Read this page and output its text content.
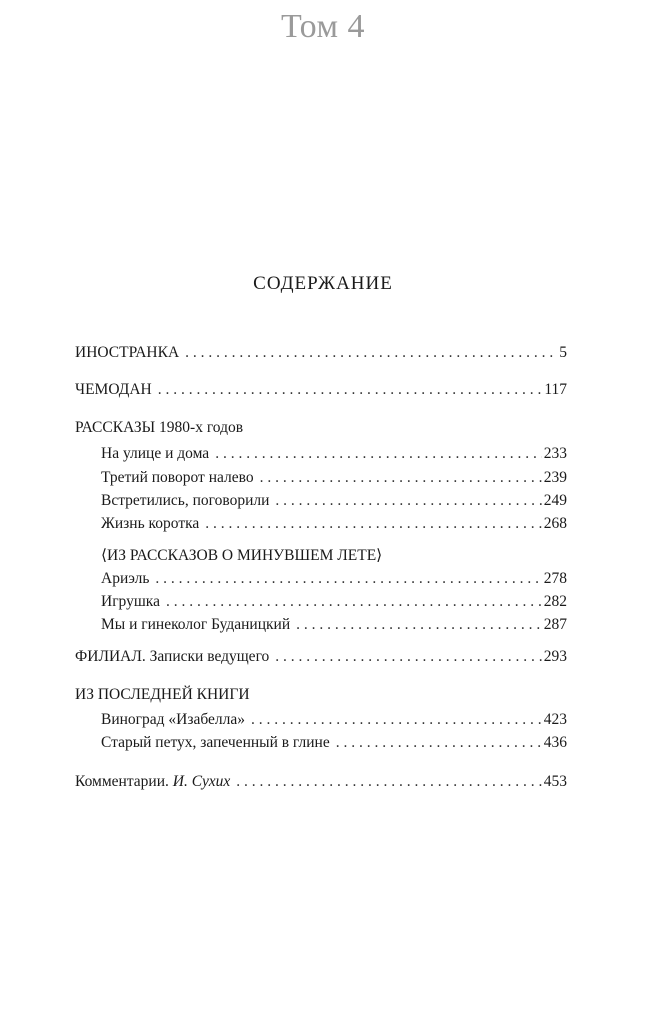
Том 4
СОДЕРЖАНИЕ
ИНОСТРАНКА . . .	5
ЧЕМОДАН . . .	117
РАССКАЗЫ 1980-х годов
На улице и дома . . .	233
Третий поворот налево . . .	239
Встретились, поговорили . . .	249
Жизнь коротка . . .	268
⟨ИЗ РАССКАЗОВ О МИНУВШЕМ ЛЕТЕ⟩
Ариэль . . .	278
Игрушка . . .	282
Мы и гинеколог Буданицкий . . .	287
ФИЛИАЛ. Записки ведущего . . .	293
ИЗ ПОСЛЕДНЕЙ КНИГИ
Виноград «Изабелла» . . .	423
Старый петух, запеченный в глине . . .	436
Комментарии. И. Сухих . . .	453
